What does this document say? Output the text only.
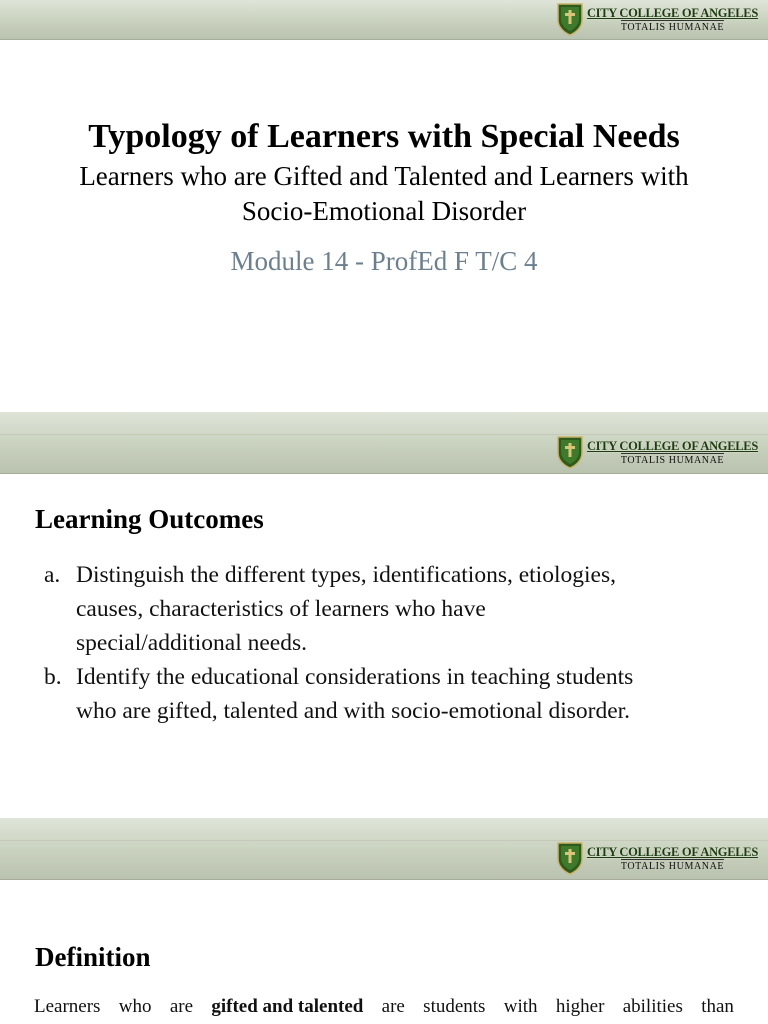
CITY COLLEGE OF ANGELES
TOTALIS HUMANAE
Typology of Learners with Special Needs
Learners who are Gifted and Talented and Learners with
Socio-Emotional Disorder
Module 14 - ProfEd F T/C 4
CITY COLLEGE OF ANGELES
TOTALIS HUMANAE
Learning Outcomes
a. Distinguish the different types, identifications, etiologies,
causes, characteristics of learners who have
special/additional needs.
b. Identify the educational considerations in teaching students
who are gifted, talented and with socio-emotional disorder.
CITY COLLEGE OF ANGELES
TOTALIS HUMANAE
Definition
Learners who are gifted and talented are students with higher abilities than
